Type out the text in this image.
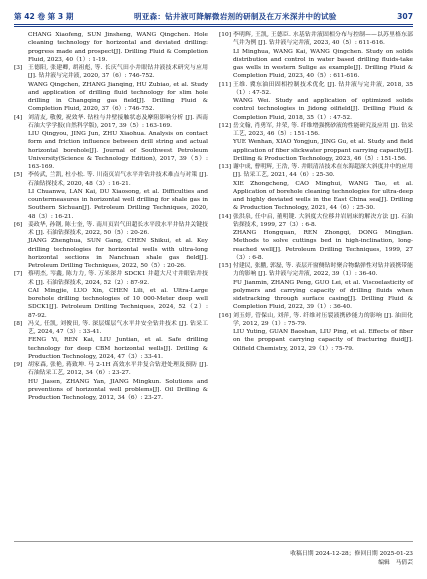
第 42 卷 第 3 期	明亚森：钻井液可降解微岩剂的研制及在万米深井中的试验	307

CHANG Xiaofeng, SUN Jinsheng, WANG Qingchen. Hole cleaning technology for horizontal and deviated drilling: progress made and prospect[J]. Drilling Fluid & Completion Fluid, 2023, 40（1）: 1-19.

[3] 王德阳, 张建卿, 胡祖彪, 等. 长庆气田小井眼钻井液技术研究与应用 [J]. 钻井液与完井液, 2020, 37（6）: 746-752.

WANG Qingchen, ZHANG Jianqing, HU Zubiao, et al. Study and application of drilling fluid technology for slim hole drilling in Changqing gas field[J]. Drilling Fluid & Completion Fluid, 2020, 37（6）: 746-752.

[4] 刘清友, 敬俊, 祝效华. 钻柱与井壁接触状态及摩阻影响分析 [J]. 西南石油大学学报(自然科学版), 2017, 39（5）: 163-169.

LIU Qingyou, JING Jun, ZHU Xiaohua. Analysis on contact form and friction influence between drill string and actual horizontal borehole[J]. Journal of Southwest Petroleum University(Science & Technology Edition), 2017, 39（5）: 163-169.

[5] 李传武, 兰凯, 杜小松. 等. 川南页岩气水平井钻井技术难点与对策 [J]. 石油钻探技术, 2020, 48（3）: 16-21.

LI Chuanwu, LAN Kai, DU Xiaosong, et al. Difficulties and countermeasures in horizontal well drilling for shale gas in Southern Sichuan[J]. Petroleum Drilling Techniques, 2020, 48（3）: 16-21.

[6] 姜政华, 孙钢, 陈士奎, 等. 南川页岩气田超长水平段水平井钻井关键技术 [J]. 石油钻探技术, 2022, 50（5）: 20-26.

JIANG Zhenghua, SUN Gang, CHEN Shikui, et al. Key drilling technologies for horizontal wells with ultra-long horizontal sections in Nanchuan shale gas field[J]. Petroleum Drilling Techniques, 2022, 50（5）: 20-26.

[7] 蔡明杰, 岑鑫, 陈力力, 等. 万米深井 SDCK1 井超大尺寸井眼钻井技术 [J]. 石油钻探技术, 2024, 52（2）: 87-92.

CAI Mingjie, LUO Xin, CHEN Lili, et al. Ultra-Large borehole drilling technologies of 10 000-Meter deep well SDCK1[J]. Petroleum Drilling Techniques, 2024, 52（2）: 87-92.

[8] 冯义, 任凯, 刘俊田, 等. 深层煤层气水平井安全钻井技术 [J]. 钻采工艺, 2024, 47（3）: 33-41.

FENG Yi, REN Kai, LIU Juntian, et al. Safe drilling technology for deep CBM horizontal wells[J]. Drilling & Production Technology, 2024, 47（3）: 33-41.

[9] 胡家森, 张艳, 蒋致坤. 马 2-1H 高效水平井复合钻进处理及预防 [J]. 石油钻采工艺, 2012, 34（6）: 23-27.

HU Jiasen, ZHANG Yan, JIANG Mingkun. Solutions and preventions of horizontal well problems[J]. Oil Drilling & Production Technology, 2012, 34（6）: 23-27.

[10] 李明辉, 王凯, 王德臣. 水基钻井液固相分布与控制——以苏里格东部气井为例 [J]. 钻井液与完井液, 2023, 40（5）: 611-616.

LI Minghua, WANG Kai, WANG Qingchen. Study on solids distribution and control in water based drilling fluids-take gas wells in western Sulige as example[J]. Drilling Fluid & Completion Fluid, 2023, 40（5）: 611-616.

[11] 王维. 冀东油田固相控制技术优化 [J]. 钻井液与完井液, 2018, 35（1）: 47-52.

WANG Wei. Study and application of optimized solids control technologies in Jidong oilfield[J]. Drilling Fluid & Completion Fluid, 2018, 35（1）: 47-52.

[12] 岳文翰, 肖勇军, 井荣, 等. 纤维增强携砂液的性能研究及应用 [J]. 钻采工艺, 2023, 46（5）: 151-156.

YUE Wenhan, XIAO Yongjun, JING Gu, et al. Study and field application of fiber slickwater proppant carrying capacity[J]. Drilling & Production Technology, 2023, 46（5）: 151-156.

[13] 谢中成, 曹明辉, 王浩, 等. 井眼清洁技术在东海超深大斜度井中的应用 [J]. 钻采工艺, 2021, 44（6）: 25-30.

XIE Zhongcheng, CAO Minghui, WANG Tao, et al. Application of borehole cleaning technologies for ultra-deep and highly deviated wells in the East China sea[J]. Drilling & Production Technology, 2021, 44（6）: 25-30.

[14] 张洪泉, 任中启, 董明键. 大斜度大位移井岩屑床的解决方法 [J]. 石油钻探技术, 1999, 27（3）: 6-8.

ZHANG Hongquan, REN Zhongqi, DONG Mingjian. Methods to solve cuttings bed in high-inclination, long-reached well[J]. Petroleum Drilling Techniques, 1999, 27（3）: 6-8.

[15] 付建民, 张鹏, 郭磊, 等. 表层开窗侧钻时聚合物黏弹性对钻井液携带能力的影响 [J]. 钻井液与完井液, 2022, 39（1）: 36-40.

FU Jianmin, ZHANG Peng, GUO Lei, et al. Viscoelasticity of polymers and carrying capacity of drilling fluids when sidetracking through surface casing[J]. Drilling Fluid & Completion Fluid, 2022, 39（1）: 36-40.

[16] 刘玉婷, 管保山, 刘萍, 等. 纤维对压裂液携砂能力的影响 [J]. 油田化学, 2012, 29（1）: 75-79.

LIU Yuting, GUAN Baoshan, LIU Ping, et al. Effects of fiber on the proppant carrying capacity of fracturing fluid[J]. Oilfield Chemistry, 2012, 29（1）: 75-79.

收稿日期 2024-12-28；修回日期 2025-01-23
编辑　马倩芸
